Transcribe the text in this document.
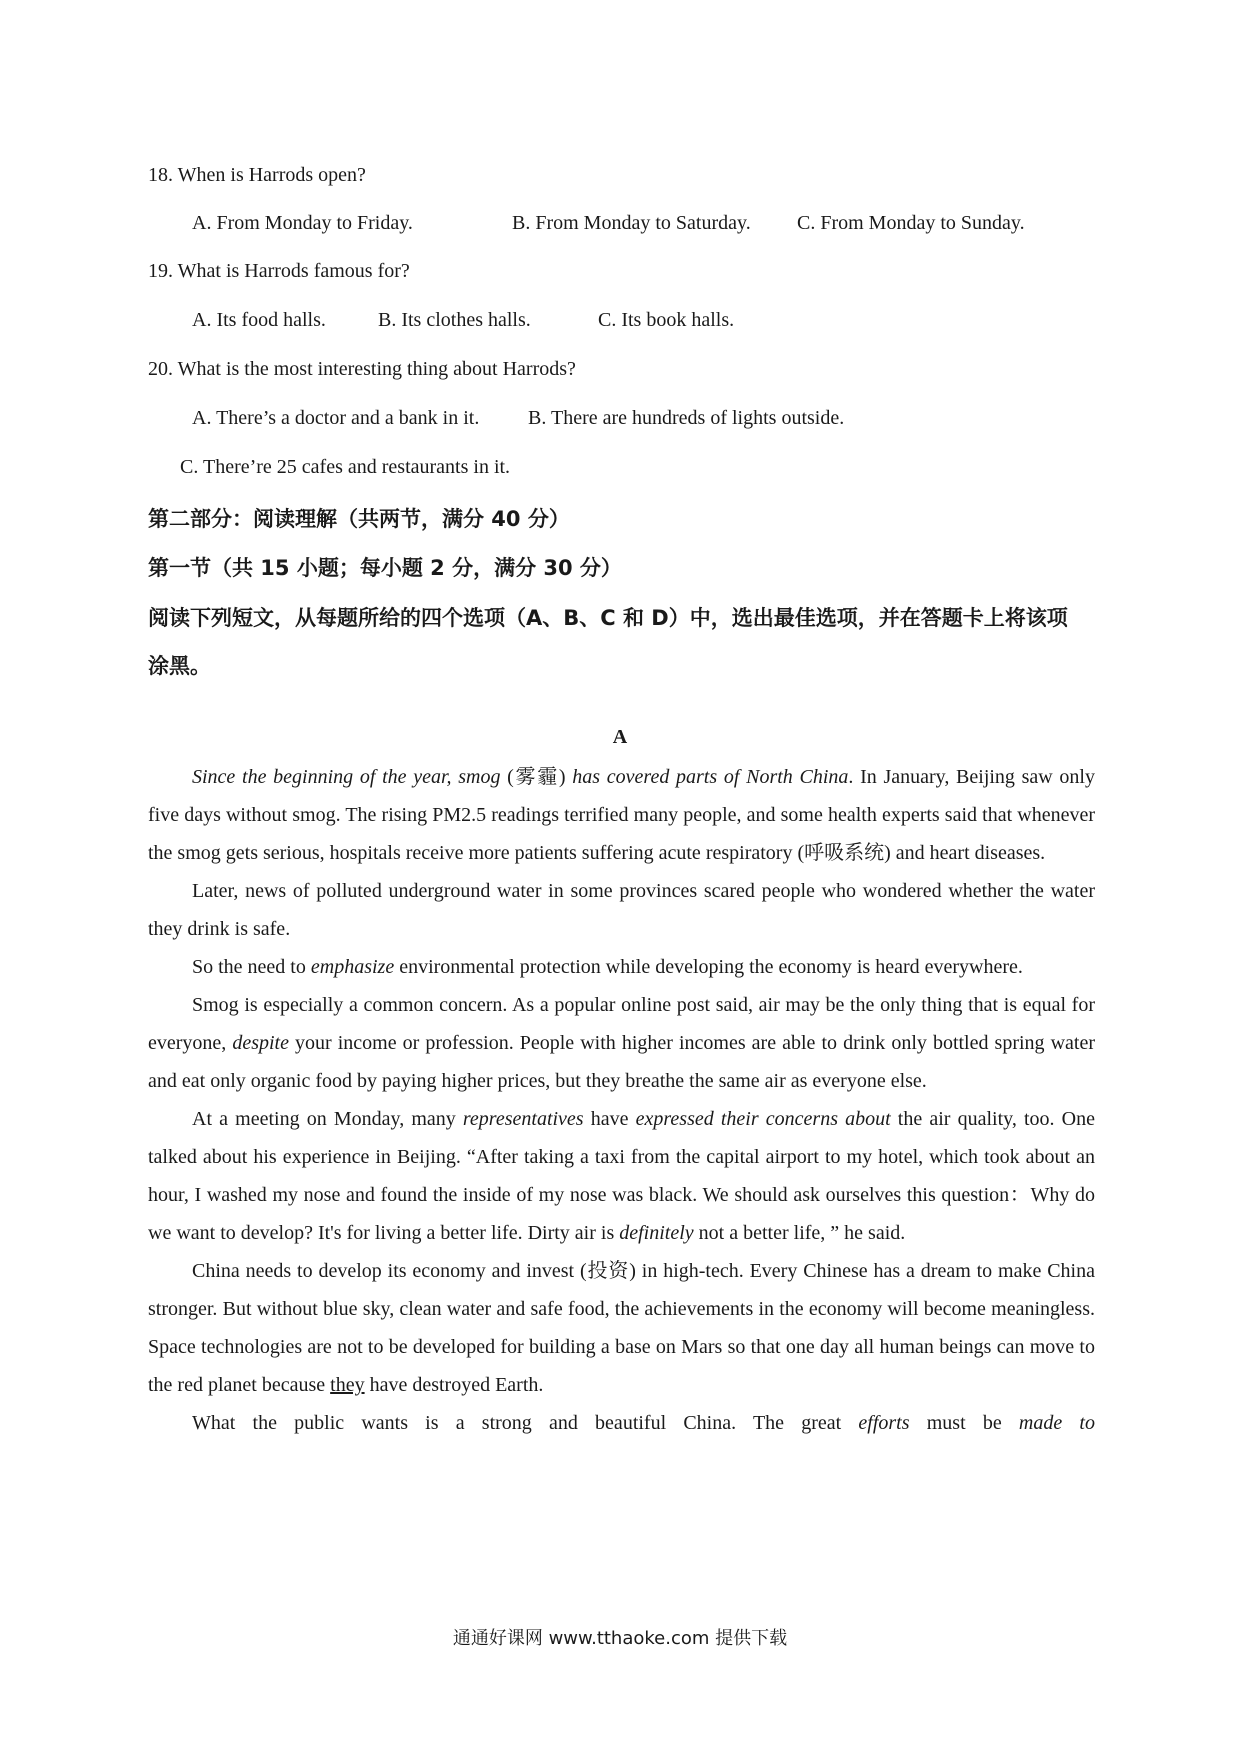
18. When is Harrods open?
A. From Monday to Friday.	B. From Monday to Saturday. C. From Monday to Sunday.
19. What is Harrods famous for?
A. Its food halls.	B. Its clothes halls.	C. Its book halls.
20. What is the most interesting thing about Harrods?
A. There’s a doctor and a bank in it. B. There are hundreds of lights outside.
C. There’re 25 cafes and restaurants in it.
第二部分：阅读理解（共两节，满分 40 分）
第一节（共 15 小题；每小题 2 分，满分 30 分）
阅读下列短文，从每题所给的四个选项（A、B、C 和 D）中，选出最佳选项，并在答题卡上将该项
涂黑。
A

Since the beginning of the year, smog (雾霾) has covered parts of North China. In January, Beijing saw only five days without smog. The rising PM2.5 readings terrified many people, and some health experts said that whenever the smog gets serious, hospitals receive more patients suffering acute respiratory (呼吸系统) and heart diseases.

Later, news of polluted underground water in some provinces scared people who wondered whether the water they drink is safe.

So the need to emphasize environmental protection while developing the economy is heard everywhere.

Smog is especially a common concern. As a popular online post said, air may be the only thing that is equal for everyone, despite your income or profession. People with higher incomes are able to drink only bottled spring water and eat only organic food by paying higher prices, but they breathe the same air as everyone else.

At a meeting on Monday, many representatives have expressed their concerns about the air quality, too. One talked about his experience in Beijing. “After taking a taxi from the capital airport to my hotel, which took about an hour, I washed my nose and found the inside of my nose was black. We should ask ourselves this question：Why do we want to develop? It's for living a better life. Dirty air is definitely not a better life, ” he said.

China needs to develop its economy and invest (投资) in high-tech. Every Chinese has a dream to make China stronger. But without blue sky, clean water and safe food, the achievements in the economy will become meaningless. Space technologies are not to be developed for building a base on Mars so that one day all human beings can move to the red planet because they have destroyed Earth.

What the public wants is a strong and beautiful China. The great efforts must be made to

通通好课网 www.tthaoke.com 提供下载
